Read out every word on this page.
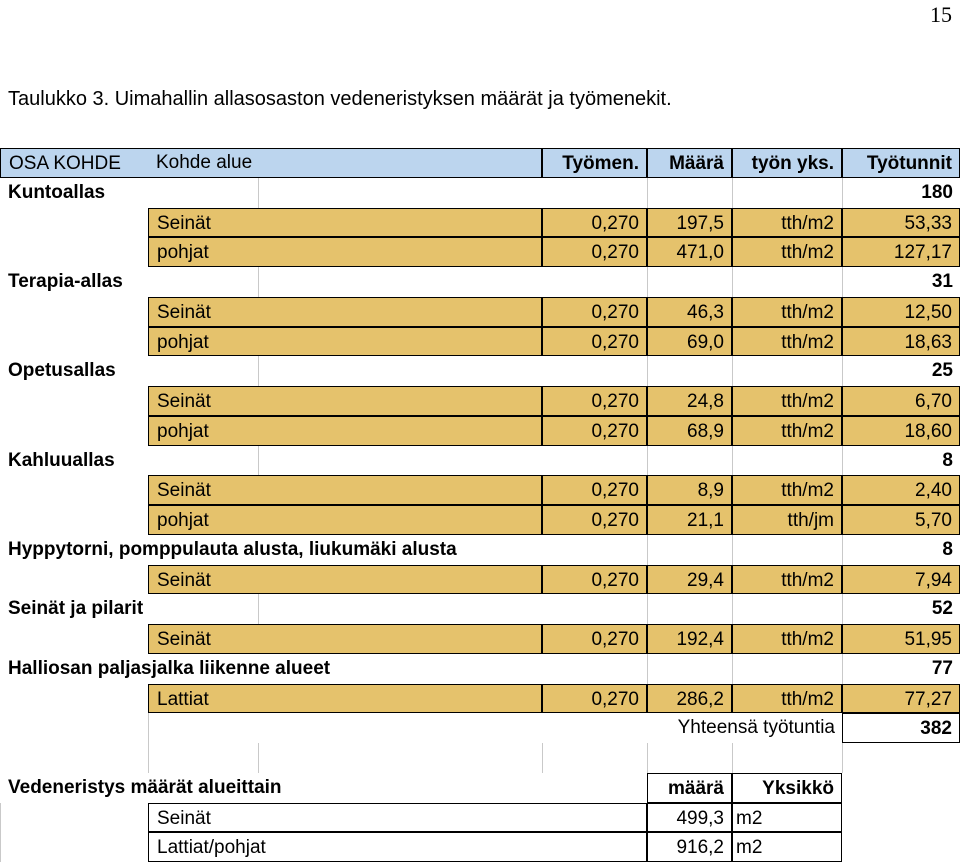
15
Taulukko 3. Uimahallin allasosaston vedeneristyksen määrät ja työmenekit.
OSA KOHDE	Kohde alue	Työmen.	Määrä	työn yks.	Työtunnit
Kuntoallas	180
Seinät	0,270	197,5	tth/m2	53,33
pohjat	0,270	471,0	tth/m2	127,17
Terapia-allas	31
Seinät	0,270	46,3	tth/m2	12,50
pohjat	0,270	69,0	tth/m2	18,63
Opetusallas	25
Seinät	0,270	24,8	tth/m2	6,70
pohjat	0,270	68,9	tth/m2	18,60
Kahluuallas	8
Seinät	0,270	8,9	tth/m2	2,40
pohjat	0,270	21,1	tth/jm	5,70
Hyppytorni, pomppulauta alusta, liukumäki alusta	8
Seinät	0,270	29,4	tth/m2	7,94
Seinät ja pilarit	52
Seinät	0,270	192,4	tth/m2	51,95
Halliosan paljasjalka liikenne alueet	77
Lattiat	0,270	286,2	tth/m2	77,27
Yhteensä työtuntia	382
Vedeneristys määrät alueittain	määrä	Yksikkö
Seinät	499,3 m2
Lattiat/pohjat	916,2 m2
